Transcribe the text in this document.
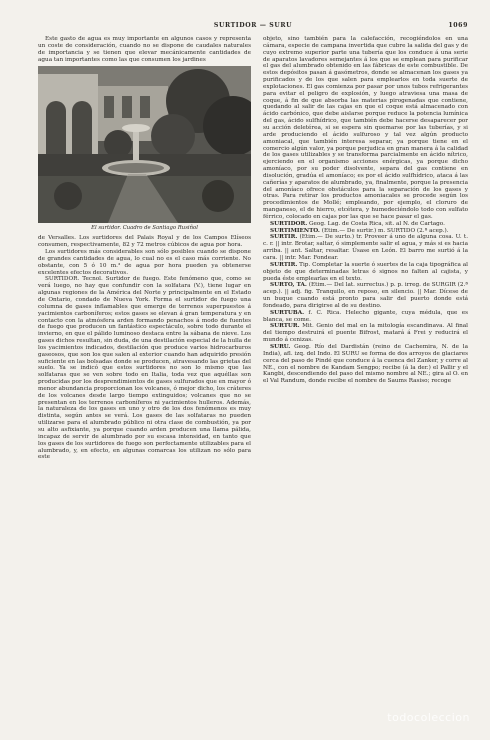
SURTIDOR — SURU	1069

Este gasto de agua es muy importante en algunos casos y representa un coste de consideración, cuando no se dispone de caudales naturales de importancia y se tienen que elevar mecánicamente cantidades de agua tan importantes como las que consumen los jardines

El surtidor. Cuadro de Santiago Rusiñol

de Versalles. Los surtidores del Palais Royal y de los Campos Elíseos consumen, respectivamente, 82 y 72 metros cúbicos de agua por hora.

Los surtidores más considerables son sólo posibles cuando se dispone de grandes cantidades de agua, lo cual no es el caso más corriente. No obstante, con 5 ó 10 m.³ de agua por hora pueden ya obtenerse excelentes efectos decorativos.

SURTIDOR. Tecnol. Surtidor de fuego. Este fenómeno que, como se verá luego, no hay que confundir con la solfatara (V.), tiene lugar en algunas regiones de la América del Norte y principalmente en el Estado de Ontario, condado de Nueva York. Forma el surtidor de fuego una columna de gases inflamables que emerge de terrenos superpuestos á yacimientos carboníferos; estos gases se elevan á gran temperatura y en contacto con la atmósfera arden formando penachos á modo de fuentes de fuego que producen un fantástico espectáculo, sobre todo durante el invierno, en que el pálido luminoso destaca entre la sábana de nieve. Los gases dichos resultan, sin duda, de una destilación especial de la hulla de los yacimientos indicados, destilación que produce varios hidrocarburos gaseosos, que son los que salen al exterior cuando han adquirido presión suficiente en las bolsadas donde se producen, atravesando las grietas del suelo. Ya se indicó que estos surtidores no son lo mismo que las solfataras que se ven sobre todo en Italia, toda vez que aquéllas son producidas por los desprendimientos de gases sulfurados que en mayor ó menor abundancia proporcionan los volcanes, ó mejor dicho, los cráteres de los volcanes desde largo tiempo extinguidos; volcanes que no se presentan en los terrenos carboníferos ni yacimientos hulleros. Además, la naturaleza de los gases en uno y otro de los dos fenómenos es muy distinta, según antes se verá. Los gases de las solfataras no pueden utilizarse para el alumbrado público ni otra clase de combustión, ya por su alto asfixiante, ya porque cuando arden producen una llama pálida, incapaz de servir de alumbrado por su escasa intensidad, en tanto que los gases de los surtidores de fuego son perfectamente utilizables para el alumbrado, y, en efecto, en algunas comarcas los utilizan no sólo para este

objeto, sino también para la calefacción, recogiéndolos en una cámara, especie de campana invertida que cubre la salida del gas y de cuyo extremo superior parte una tubería que los conduce á una serie de aparatos lavadores semejantes á los que se emplean para purificar el gas del alumbrado obtenido en las fábricas de este combustible. De estos depósitos pasan á gasómetros, donde se almacenan los gases ya purificados y de los que salen para emplearlos en toda suerte de explotaciones. El gas comienza por pasar por unos tubos refrigerantes para evitar el peligro de explosión, y luego atraviesa una masa de coque, á fin de que absorba las materias pirogenadas que contiene, quedando al salir de las cajas en que el coque está almacenado con ácido carbónico, que debe aislarse porque reduce la potencia lumínica del gas, ácido sulfhídrico, que también debe hacerse desaparecer por su acción deletérea, si se espera sin quemarse por las tuberías, y si arde produciendo el ácido sulfuroso y tal vez algún producto amoniacal, que también interesa separar, ya porque tiene en el comercio algún valor, ya porque perjudica en gran manera á la calidad de los gases utilizables y se transforma parcialmente en ácido nítrico, ejerciendo en el organismo acciones enérgicas, ya porque dicho amoníaco, por su poder disolvente, separa del gas contiene en disolución, gradúa el amoníaco; es por el ácido sulfhídrico, ataca á las cañerías y aparatos de alumbrado, ya, finalmente, porque la presencia del amoníaco ofrece obstáculos para la separación de los gases y otras. Para retirar los productos amoniacales se procede según los procedimientos de Mollé; empleando, por ejemplo, el cloruro de manganeso, el de hierro, etcétera, y humedeciéndolo todo con sulfato férrico, colocado en cajas por las que se hace pasar el gas.

SURTIDOR. Geog. Lag. de Costa Rica, sit. al N. de Cartago.

SURTIMIENTO. (Etim.— De surtir.) m. SURTIDO (2.ª acep.).

SURTIR. (Etim.— De surto.) tr. Proveer á uno de alguna cosa. U. t. c. r. || intr. Brotar, saltar, ó simplemente salir el agua, y más si es hacia arriba. || ant. Saltar, resaltar. Úsase en León. El barro me surtió á la cara. || intr. Mar. Fondear.

SURTIR. Tip. Completar la suerte ó suertes de la caja tipográfica al objeto de que determinadas letras ó signos no falten al cajista, y pueda éste emplearlas en el texto.

SURTO, TA. (Etim.— Del lat. surrectus.) p. p. irreg. de SURGIR (2.ª acep.). || adj. fig. Tranquilo, en reposo, en silencio. || Mar. Dícese de un buque cuando está pronto para salir del puerto donde está fondeado, para dirigirse al de su destino.

SURTUBA. f. C. Rica. Helecho gigante, cuya médula, que es blanca, se come.

SURTUR. Mit. Genio del mal en la mitología escandinava. Al final del tiempo destruirá el puente Bifrost, matará á Frei y reducirá el mundo á cenizas.

SURU. Geog. Río del Dardistán (reino de Cachemira, N. de la India), afl. izq. del Indo. El SURU se forma de dos arroyos de glaciares cerca del paso de Pindé que conduce á la cuenca del Zanker, y corre al NE., con el nombre de Kandam Sengpo; recibe (á la der.) el Pallir y el Kangbi, descendiendo del paso del mismo nombre al NE.; gira al O. en el Val Randum, donde recibe el nombre de Saums Rasiso; recoge

todocoleccion
